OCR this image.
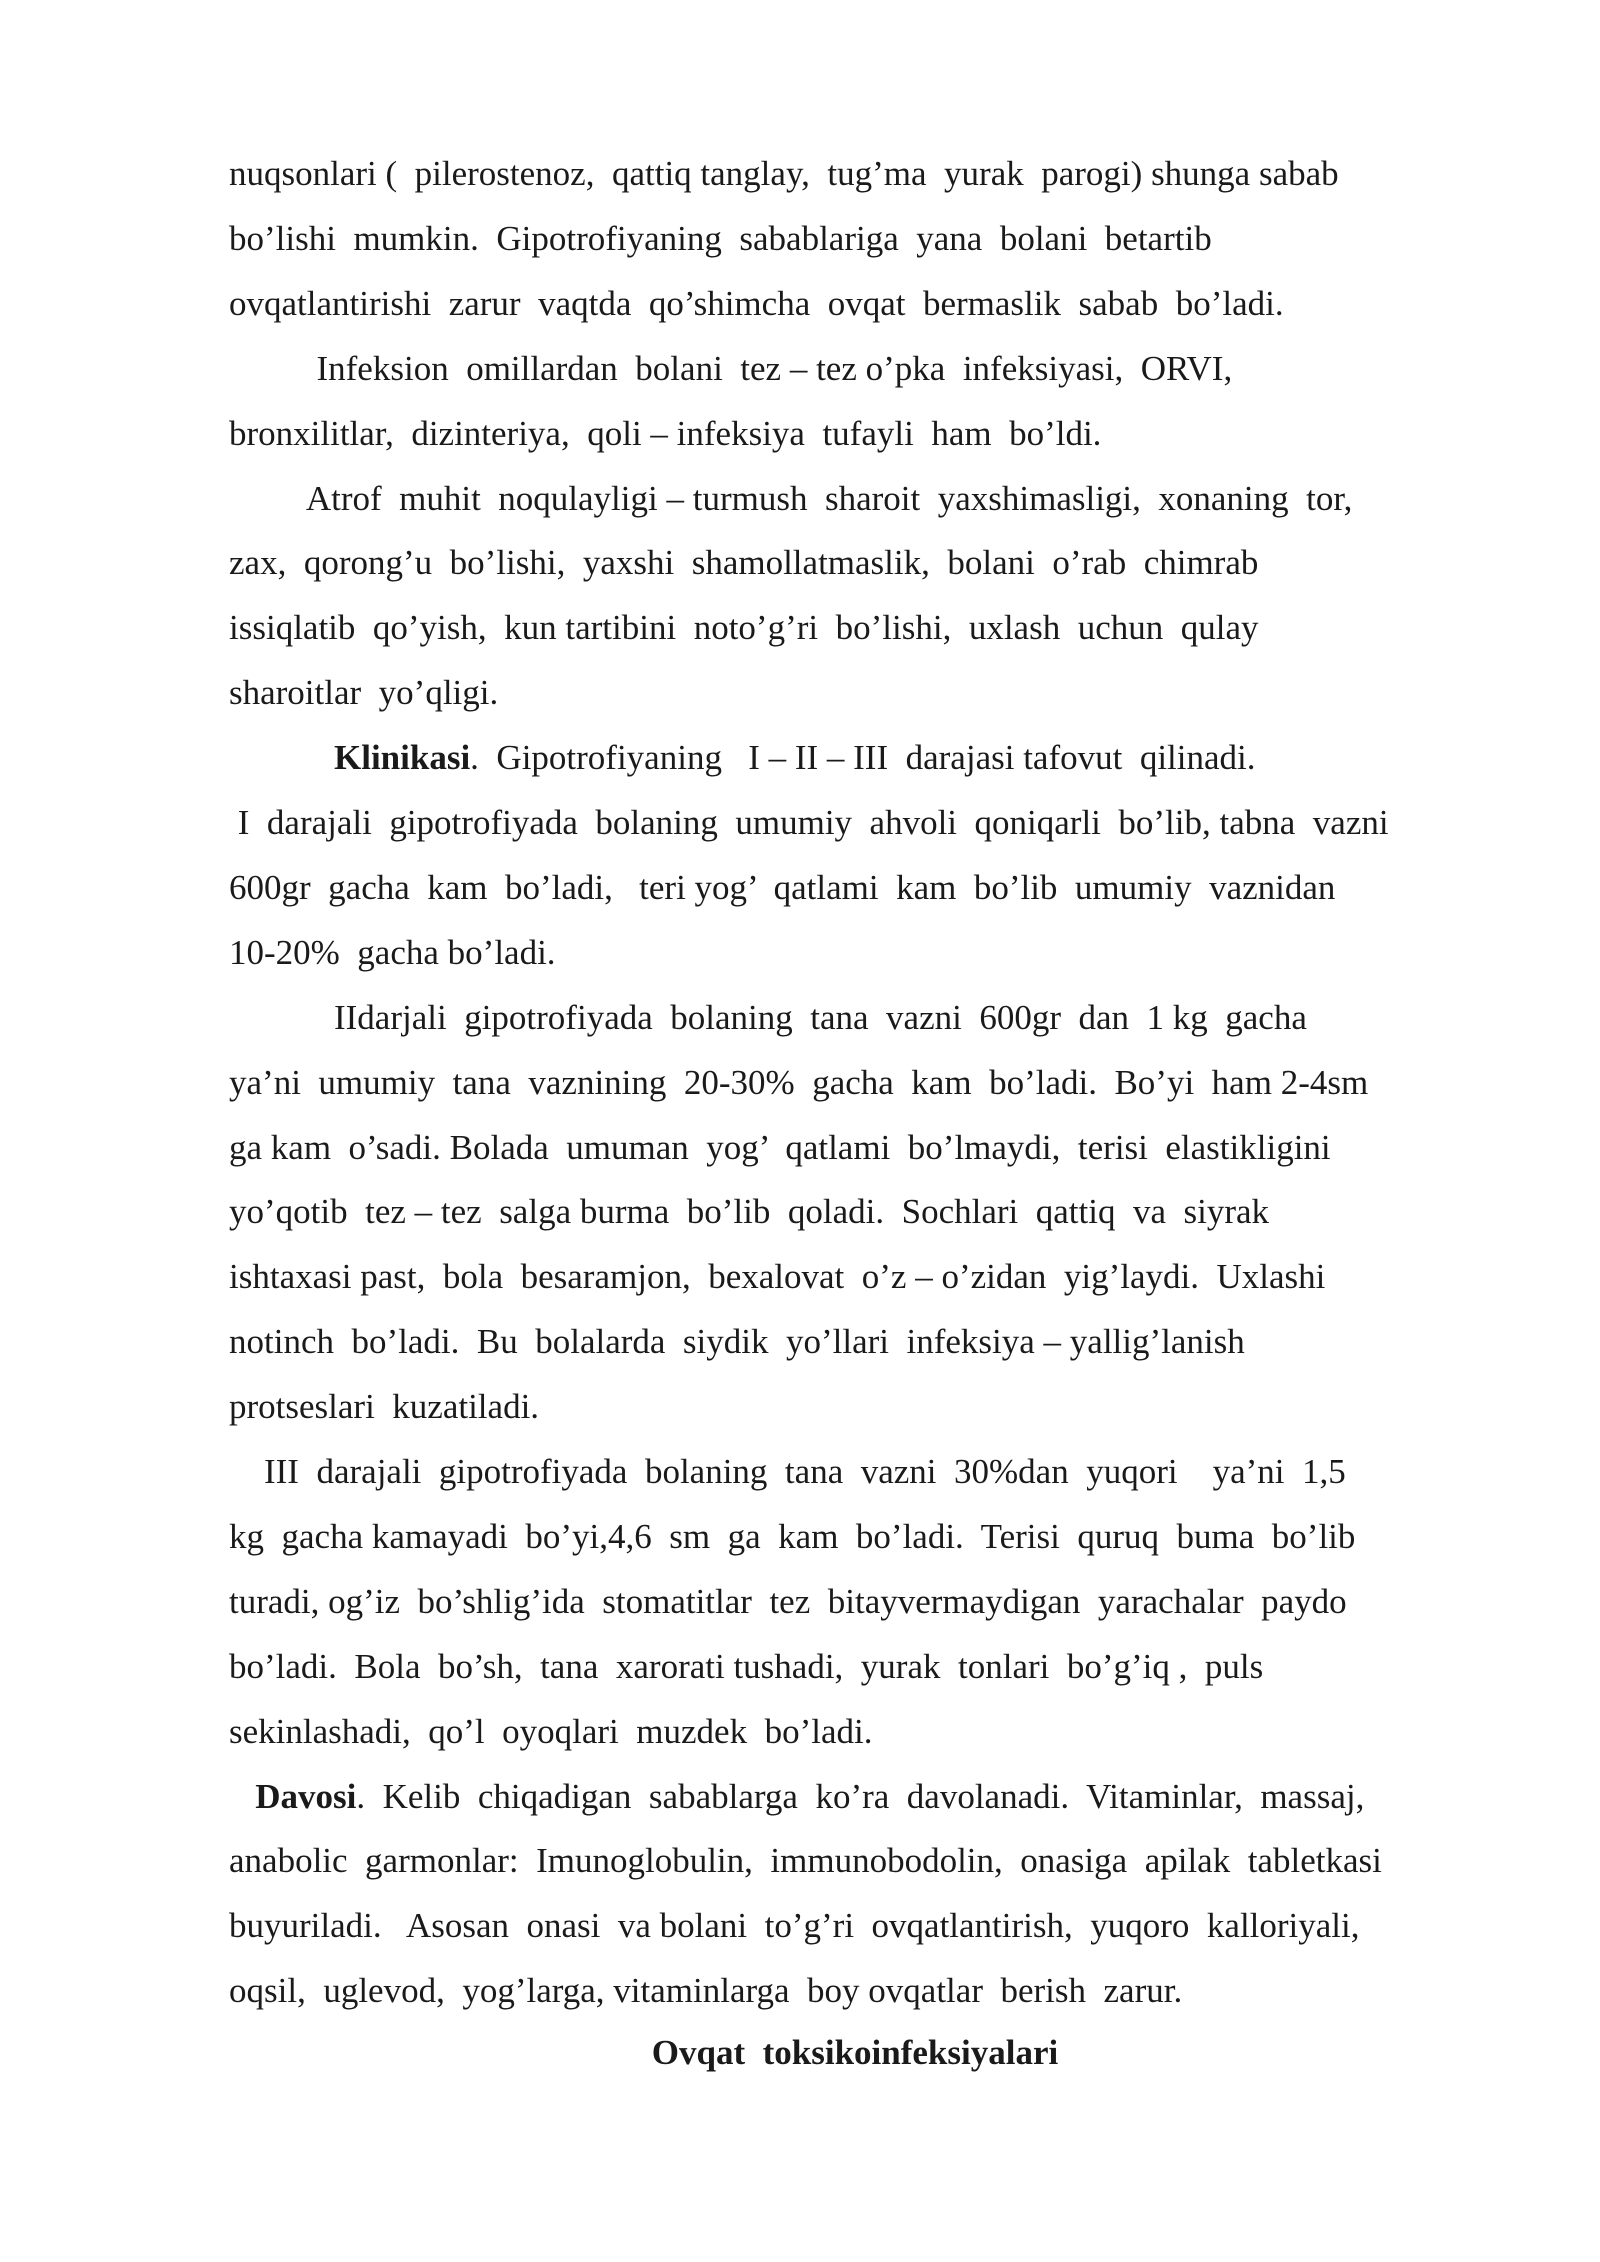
nuqsonlari (  pilerostenoz,  qattiq tanglay,  tug’ma  yurak  parogi) shunga sabab
bo’lishi  mumkin.  Gipotrofiyaning  sabablariga  yana  bolani  betartib
ovqatlantirishi  zarur  vaqtda  qo’shimcha  ovqat  bermaslik  sabab  bo’ladi.
Infeksion  omillardan  bolani  tez – tez o’pka  infeksiyasi,  ORVI,
bronxilitlar,  dizinteriya,  qoli – infeksiya  tufayli  ham  bo’ldi.
Atrof  muhit  noqulayligi – turmush  sharoit  yaxshimasligi,  xonaning  tor,
zax,  qorong’u  bo’lishi,  yaxshi  shamollatmaslik,  bolani  o’rab  chimrab
issiqlatib  qo’yish,  kun tartibini  noto’g’ri  bo’lishi,  uxlash  uchun  qulay
sharoitlar  yo’qligi.
Klinikasi.  Gipotrofiyaning   I – II – III  darajasi tafovut  qilinadi.
I  darajali  gipotrofiyada  bolaning  umumiy  ahvoli  qoniqarli  bo’lib, tabna  vazni
600gr  gacha  kam  bo’ladi,   teri yog’  qatlami  kam  bo’lib  umumiy  vaznidan
10-20%  gacha bo’ladi.
IIdarjali  gipotrofiyada  bolaning  tana  vazni  600gr  dan  1 kg  gacha
ya’ni  umumiy  tana  vaznining  20-30%  gacha  kam  bo’ladi.  Bo’yi  ham 2-4sm
ga kam  o’sadi. Bolada  umuman  yog’  qatlami  bo’lmaydi,  terisi  elastikligini
yo’qotib  tez – tez  salga burma  bo’lib  qoladi.  Sochlari  qattiq  va  siyrak
ishtaxasi past,  bola  besaramjon,  bexalovat  o’z – o’zidan  yig’laydi.  Uxlashi
notinch  bo’ladi.  Bu  bolalarda  siydik  yo’llari  infeksiya – yallig’lanish
protseslari  kuzatiladi.
III  darajali  gipotrofiyada  bolaning  tana  vazni  30%dan  yuqori    ya’ni  1,5
kg  gacha kamayadi  bo’yi,4,6  sm  ga  kam  bo’ladi.  Terisi  quruq  buma  bo’lib
turadi, og’iz  bo’shlig’ida  stomatitlar  tez  bitayvermaydigan  yarachalar  paydo
bo’ladi.  Bola  bo’sh,  tana  xarorati tushadi,  yurak  tonlari  bo’g’iq ,  puls
sekinlashadi,  qo’l  oyoqlari  muzdek  bo’ladi.
Davosi.  Kelib  chiqadigan  sabablarga  ko’ra  davolanadi.  Vitaminlar,  massaj,
anabolic  garmonlar:  Imunoglobulin,  immunobodolin,  onasiga  apilak  tabletkasi
buyuriladi.   Asosan  onasi  va bolani  to’g’ri  ovqatlantirish,  yuqoro  kalloriyali,
oqsil,  uglevod,  yog’larga, vitaminlarga  boy ovqatlar  berish  zarur.
Ovqat  toksikoinfeksiyalari
